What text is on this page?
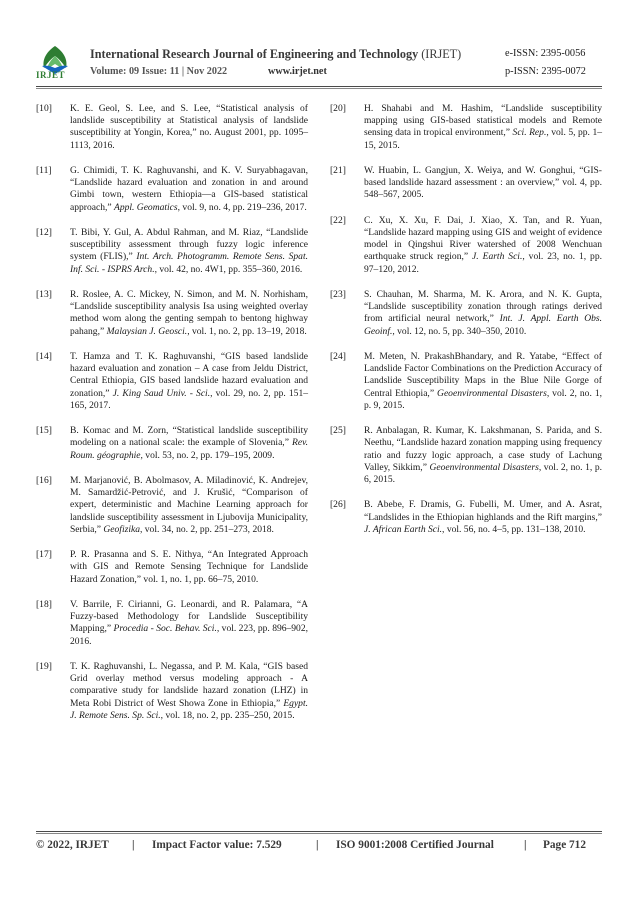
IRJET
International Research Journal of Engineering and Technology (IRJET)	e-ISSN: 2395-0056
Volume: 09 Issue: 11 | Nov 2022	www.irjet.net	p-ISSN: 2395-0072
[10] K. E. Geol, S. Lee, and S. Lee, “Statistical analysis of landslide susceptibility at Statistical analysis of landslide susceptibility at Yongin, Korea,” no. August 2001, pp. 1095–1113, 2016.
[11] G. Chimidi, T. K. Raghuvanshi, and K. V. Suryabhagavan, “Landslide hazard evaluation and zonation in and around Gimbi town, western Ethiopia—a GIS-based statistical approach,” Appl. Geomatics, vol. 9, no. 4, pp. 219–236, 2017.
[12] T. Bibi, Y. Gul, A. Abdul Rahman, and M. Riaz, “Landslide susceptibility assessment through fuzzy logic inference system (FLIS),” Int. Arch. Photogramm. Remote Sens. Spat. Inf. Sci. - ISPRS Arch., vol. 42, no. 4W1, pp. 355–360, 2016.
[13] R. Roslee, A. C. Mickey, N. Simon, and M. N. Norhisham, “Landslide susceptibility analysis Isa using weighted overlay method wom along the genting sempah to bentong highway pahang,” Malaysian J. Geosci., vol. 1, no. 2, pp. 13–19, 2018.
[14] T. Hamza and T. K. Raghuvanshi, “GIS based landslide hazard evaluation and zonation – A case from Jeldu District, Central Ethiopia, GIS based landslide hazard evaluation and zonation,” J. King Saud Univ. - Sci., vol. 29, no. 2, pp. 151–165, 2017.
[15] B. Komac and M. Zorn, “Statistical landslide susceptibility modeling on a national scale: the example of Slovenia,” Rev. Roum. géographie, vol. 53, no. 2, pp. 179–195, 2009.
[16] M. Marjanović, B. Abolmasov, A. Miladinović, K. Andrejev, M. Samardžić-Petrović, and J. Krušić, “Comparison of expert, deterministic and Machine Learning approach for landslide susceptibility assessment in Ljubovija Municipality, Serbia,” Geofizika, vol. 34, no. 2, pp. 251–273, 2018.
[17] P. R. Prasanna and S. E. Nithya, “An Integrated Approach with GIS and Remote Sensing Technique for Landslide Hazard Zonation,” vol. 1, no. 1, pp. 66–75, 2010.
[18] V. Barrile, F. Cirianni, G. Leonardi, and R. Palamara, “A Fuzzy-based Methodology for Landslide Susceptibility Mapping,” Procedia - Soc. Behav. Sci., vol. 223, pp. 896–902, 2016.
[19] T. K. Raghuvanshi, L. Negassa, and P. M. Kala, “GIS based Grid overlay method versus modeling approach - A comparative study for landslide hazard zonation (LHZ) in Meta Robi District of West Showa Zone in Ethiopia,” Egypt. J. Remote Sens. Sp. Sci., vol. 18, no. 2, pp. 235–250, 2015.
[20] H. Shahabi and M. Hashim, “Landslide susceptibility mapping using GIS-based statistical models and Remote sensing data in tropical environment,” Sci. Rep., vol. 5, pp. 1–15, 2015.
[21] W. Huabin, L. Gangjun, X. Weiya, and W. Gonghui, “GIS-based landslide hazard assessment : an overview,” vol. 4, pp. 548–567, 2005.
[22] C. Xu, X. Xu, F. Dai, J. Xiao, X. Tan, and R. Yuan, “Landslide hazard mapping using GIS and weight of evidence model in Qingshui River watershed of 2008 Wenchuan earthquake struck region,” J. Earth Sci., vol. 23, no. 1, pp. 97–120, 2012.
[23] S. Chauhan, M. Sharma, M. K. Arora, and N. K. Gupta, “Landslide susceptibility zonation through ratings derived from artificial neural network,” Int. J. Appl. Earth Obs. Geoinf., vol. 12, no. 5, pp. 340–350, 2010.
[24] M. Meten, N. PrakashBhandary, and R. Yatabe, “Effect of Landslide Factor Combinations on the Prediction Accuracy of Landslide Susceptibility Maps in the Blue Nile Gorge of Central Ethiopia,” Geoenvironmental Disasters, vol. 2, no. 1, p. 9, 2015.
[25] R. Anbalagan, R. Kumar, K. Lakshmanan, S. Parida, and S. Neethu, “Landslide hazard zonation mapping using frequency ratio and fuzzy logic approach, a case study of Lachung Valley, Sikkim,” Geoenvironmental Disasters, vol. 2, no. 1, p. 6, 2015.
[26] B. Abebe, F. Dramis, G. Fubelli, M. Umer, and A. Asrat, “Landslides in the Ethiopian highlands and the Rift margins,” J. African Earth Sci., vol. 56, no. 4–5, pp. 131–138, 2010.
© 2022, IRJET | Impact Factor value: 7.529	| ISO 9001:2008 Certified Journal	| Page 712
